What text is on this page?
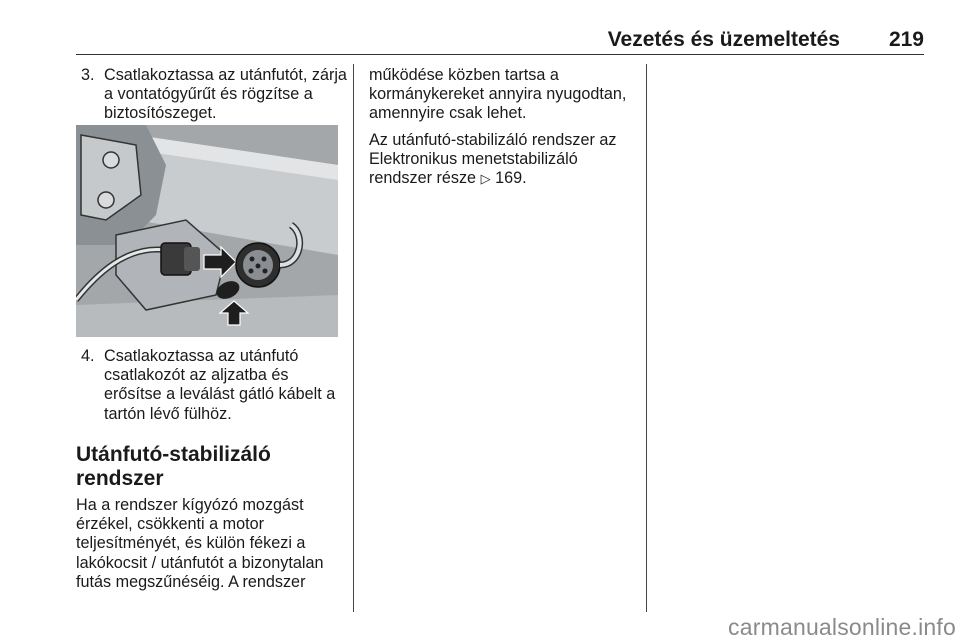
Vezetés és üzemeltetés 219
3. Csatlakoztassa az utánfutót, zárja

a vontatógyűrűt és rögzítse a

biztosítószeget.

4. Csatlakoztassa az utánfutó

csatlakozót az aljzatba és

erősítse a leválást gátló kábelt a

tartón lévő fülhöz.

Utánfutó-stabilizáló
rendszer

Ha a rendszer kígyózó mozgást

érzékel, csökkenti a motor

teljesítményét, és külön fékezi a

lakókocsit / utánfutót a bizonytalan

futás megszűnéséig. A rendszer

működése közben tartsa a

kormánykereket annyira nyugodtan,

amennyire csak lehet.

Az utánfutó-stabilizáló rendszer az

Elektronikus menetstabilizáló

rendszer része ▷ 169.

carmanualsonline.info
